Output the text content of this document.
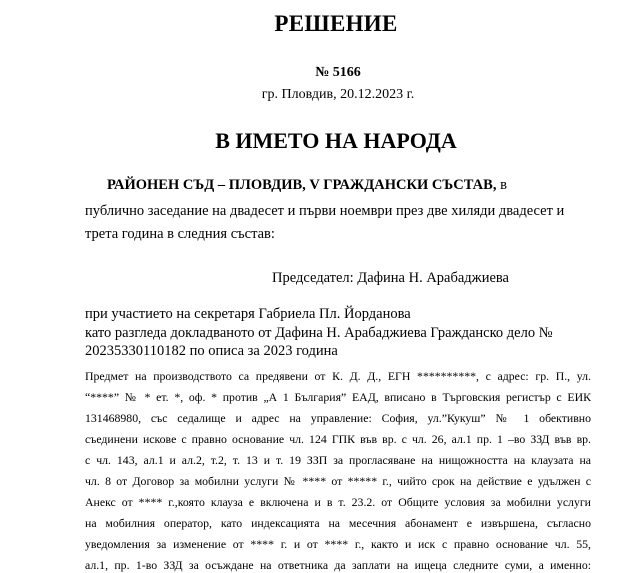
РЕШЕНИЕ
№ 5166
гр. Пловдив, 20.12.2023 г.
В ИМЕТО НА НАРОДА
РАЙОНЕН СЪД – ПЛОВДИВ, V ГРАЖДАНСКИ СЪСТАВ, в
публично заседание на двадесет и първи ноември през две хиляди двадесет и
трета година в следния състав:
Председател: Дафина Н. Арабаджиева
при участието на секретаря Габриела Пл. Йорданова
като разгледа докладваното от Дафина Н. Арабаджиева Гражданско дело №
20235330110182 по описа за 2023 година
Предмет на производството са предявени от К. Д. Д., ЕГН **********, с адрес: гр. П., ул.
“****” № * ет. *, оф. * против „А 1 България” ЕАД, вписано в Търговския регистър с ЕИК
131468980, със седалище и адрес на управление: София, ул.”Кукуш” № 1 обективно
съединени искове с правно основание чл. 124 ГПК във вр. с чл. 26, ал.1 пр. 1 –во ЗЗД във вр.
с чл. 143, ал.1 и ал.2, т.2, т. 13 и т. 19 ЗЗП за прогласяване на нищожността на клаузата на
чл. 8 от Договор за мобилни услуги № **** от ***** г., чийто срок на действие е удължен с
Анекс от **** г.,която клауза е включена и в т. 23.2. от Общите условия за мобилни услуги
на мобилния оператор, като индексацията на месечния абонамент е извършена, съгласно
уведомления за изменение от **** г. и от **** г., както и иск с правно основание чл. 55,
ал.1, пр. 1-во ЗЗД за осъждане на ответника да заплати на ищеца следните суми, а именно:
